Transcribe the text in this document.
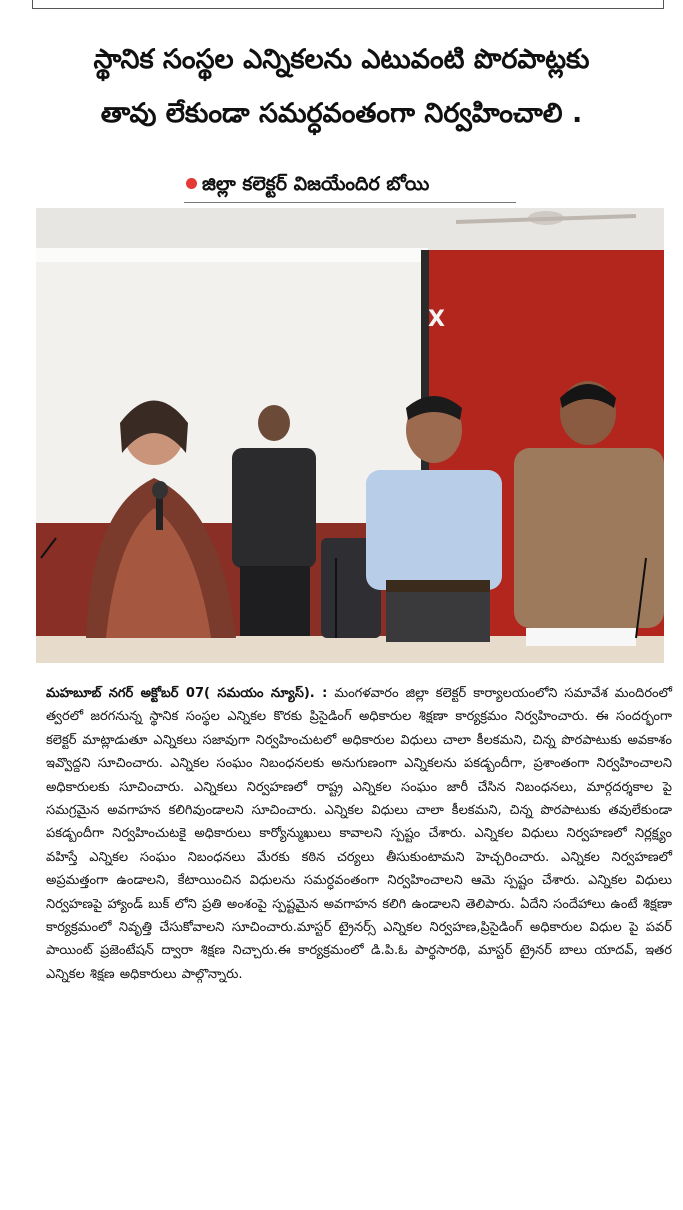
స్థానిక సంస్థల ఎన్నికలను ఎటువంటి పొరపాట్లకు
తావు లేకుండా సమర్ధవంతంగా నిర్వహించాలి .
జిల్లా కలెక్టర్ విజయేందిర బోయి
X

మహబూబ్ నగర్ అక్టోబర్ 07( సమయం న్యూస్). : మంగళవారం జిల్లా కలెక్టర్ కార్యాలయంలోని సమావేశ మందిరంలో త్వరలో జరగనున్న స్థానిక సంస్థల ఎన్నికల కొరకు ప్రిసైడింగ్ అధికారుల శిక్షణా కార్యక్రమం నిర్వహించారు. ఈ సందర్భంగా కలెక్టర్ మాట్లాడుతూ ఎన్నికలు సజావుగా నిర్వహించుటలో అధికారుల విధులు చాలా కీలకమని, చిన్న పొరపాటుకు అవకాశం ఇవ్వొద్దని సూచించారు. ఎన్నికల సంఘం నిబంధనలకు అనుగుణంగా ఎన్నికలను పకడ్బందీగా, ప్రశాంతంగా నిర్వహించాలని అధికారులకు సూచించారు. ఎన్నికలు నిర్వహణలో రాష్ట్ర ఎన్నికల సంఘం జారీ చేసిన నిబంధనలు, మార్గదర్శకాల పై సమగ్రమైన అవగాహన కలిగివుండాలని సూచించారు. ఎన్నికల విధులు చాలా కీలకమని, చిన్న పొరపాటుకు తవులేకుండా పకడ్బందీగా నిర్వహించుటకై అధికారులు కార్యోన్ముఖులు కావాలని స్పష్టం చేశారు. ఎన్నికల విధులు నిర్వహణలో నిర్లక్ష్యం వహిస్తే ఎన్నికల సంఘం నిబంధనలు మేరకు కఠిన చర్యలు తీసుకుంటామని హెచ్చరించారు. ఎన్నికల నిర్వహణలో అప్రమత్తంగా ఉండాలని, కేటాయించిన విధులను సమర్ధవంతంగా నిర్వహించాలని ఆమె స్పష్టం చేశారు. ఎన్నికల విధులు నిర్వహణపై హ్యాండ్ బుక్ లోని ప్రతి అంశంపై స్పష్టమైన అవగాహన కలిగి ఉండాలని తెలిపారు. ఏదేని సందేహాలు ఉంటే శిక్షణా కార్యక్రమంలో నివృత్తి చేసుకోవాలని సూచించారు.మాస్టర్ ట్రైనర్స్ ఎన్నికల నిర్వహణ,ప్రిసైడింగ్ అధికారుల విధుల పై పవర్ పాయింట్ ప్రజెంటేషన్ ద్వారా శిక్షణ నిచ్చారు.ఈ కార్యక్రమంలో డి.పి.ఓ పార్థసారథి, మాస్టర్ ట్రైనర్ బాలు యాదవ్, ఇతర ఎన్నికల శిక్షణ అధికారులు పాల్గొన్నారు.
